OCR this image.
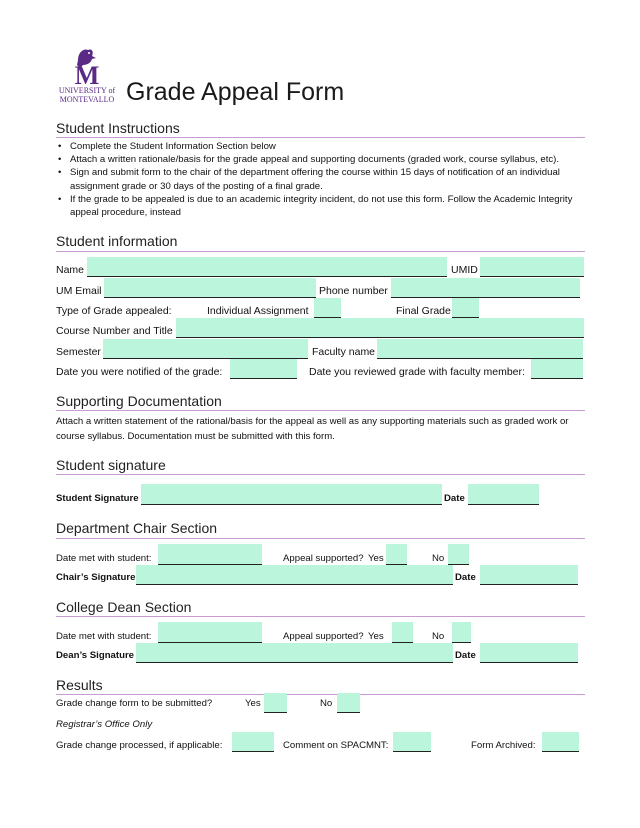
M
UNIVERSITY of MONTEVALLO Grade Appeal Form
Student Instructions
• Complete the Student Information Section below
• Attach a written rationale/basis for the grade appeal and supporting documents (graded work, course syllabus, etc).
• Sign and submit form to the chair of the department offering the course within 15 days of notification of an individual assignment grade or 30 days of the posting of a final grade.
• If the grade to be appealed is due to an academic integrity incident, do not use this form. Follow the Academic Integrity appeal procedure, instead
Student information
Name	UMID
UM Email	Phone number
Type of Grade appealed:	Individual Assignment	Final Grade
Course Number and Title
Semester	Faculty name
Date you were notified of the grade:	Date you reviewed grade with faculty member:
Supporting Documentation
Attach a written statement of the rational/basis for the appeal as well as any supporting materials such as graded work or course syllabus. Documentation must be submitted with this form.
Student signature
Student Signature	Date
Department Chair Section
Date met with student:	Appeal supported? Yes	No
Chair’s Signature	Date
College Dean Section
Date met with student:	Appeal supported? Yes	No
Dean’s Signature	Date
Results
Grade change form to be submitted?	Yes	No
Registrar’s Office Only
Grade change processed, if applicable:	Comment on SPACMNT:	Form Archived:
